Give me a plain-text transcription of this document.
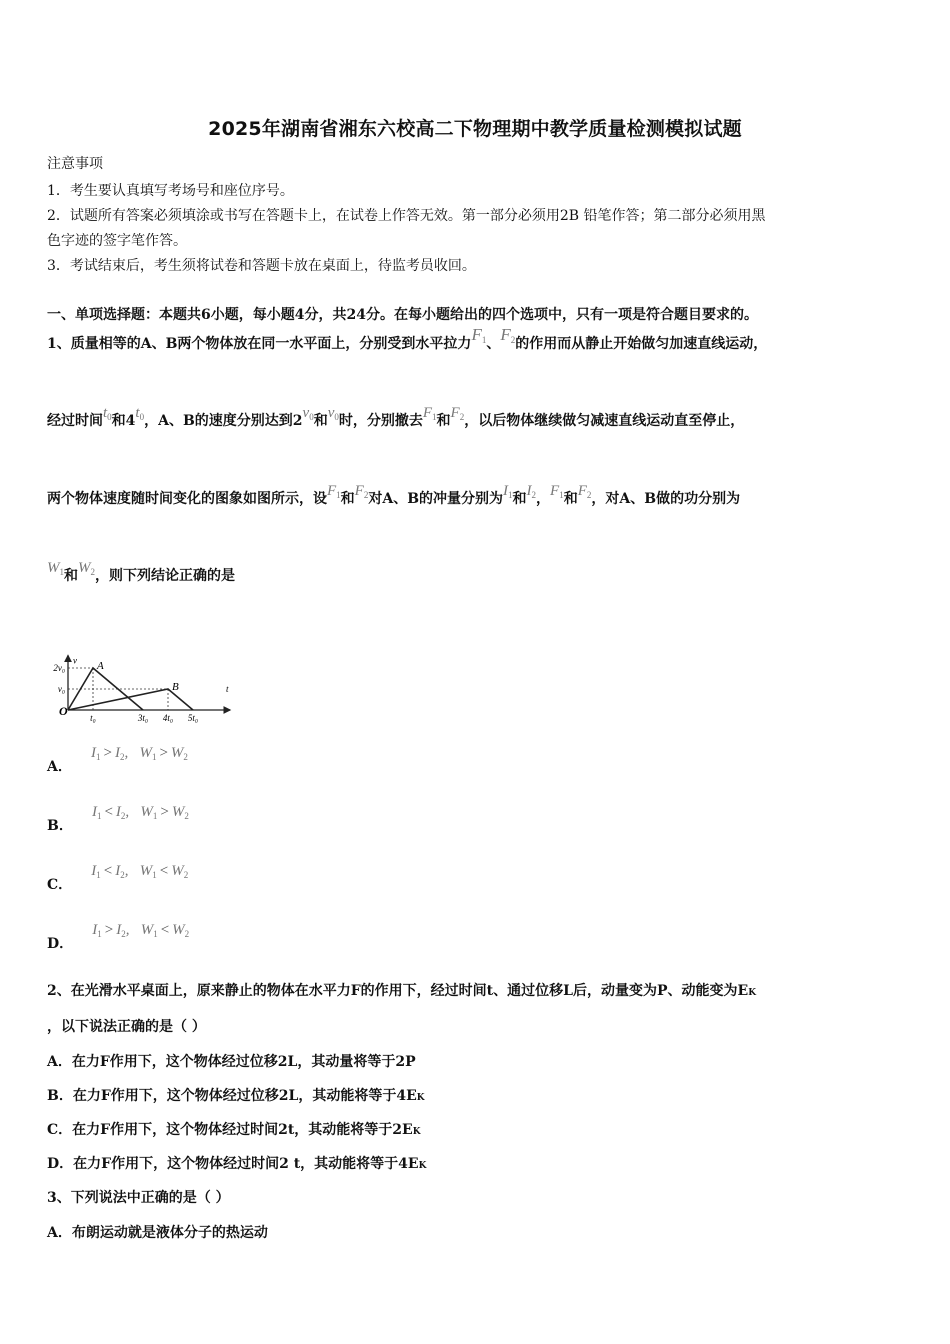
2025年湖南省湘东六校高二下物理期中教学质量检测模拟试题
注意事项
1．考生要认真填写考场号和座位序号。
2．试题所有答案必须填涂或书写在答题卡上，在试卷上作答无效。第一部分必须用2B 铅笔作答；第二部分必须用黑
色字迹的签字笔作答。
3．考试结束后，考生须将试卷和答题卡放在桌面上，待监考员收回。
一、单项选择题：本题共6小题，每小题4分，共24分。在每小题给出的四个选项中，只有一项是符合题目要求的。
1、质量相等的A、B两个物体放在同一水平面上，分别受到水平拉力$F_1$、$F_2$的作用而从静止开始做匀加速直线运动，
经过时间$t_0$和$4t_0$，A、B的速度分别达到$2v_0$和$v_0$时，分别撤去$F_1$和$F_2$，以后物体继续做匀减速直线运动直至停止，
两个物体速度随时间变化的图象如图所示，设$F_1$和$F_2$对A、B的冲量分别为$I_1$和$I_2$，$F_1$和$F_2$，对A、B做的功分别为
$W_1$和$W_2$，则下列结论正确的是
v
t
O
A
B
t₀	3t₀ 4t₀ 5t₀
2v₀
v₀
A． $I_1 > I_2$, $W_1 > W_2$
B． $I_1 < I_2$, $W_1 > W_2$
C． $I_1 < I_2$, $W_1 < W_2$
D． $I_1 > I_2$, $W_1 < W_2$
2、在光滑水平桌面上，原来静止的物体在水平力F的作用下，经过时间t、通过位移L后，动量变为P、动能变为EK
，以下说法正确的是（ ）
A．在力F作用下，这个物体经过位移2L，其动量将等于2P
B．在力F作用下，这个物体经过位移2L，其动能将等于4EK
C．在力F作用下，这个物体经过时间2t，其动能将等于2EK
D．在力F作用下，这个物体经过时间2 t，其动能将等于4EK
3、下列说法中正确的是（ ）
A．布朗运动就是液体分子的热运动
